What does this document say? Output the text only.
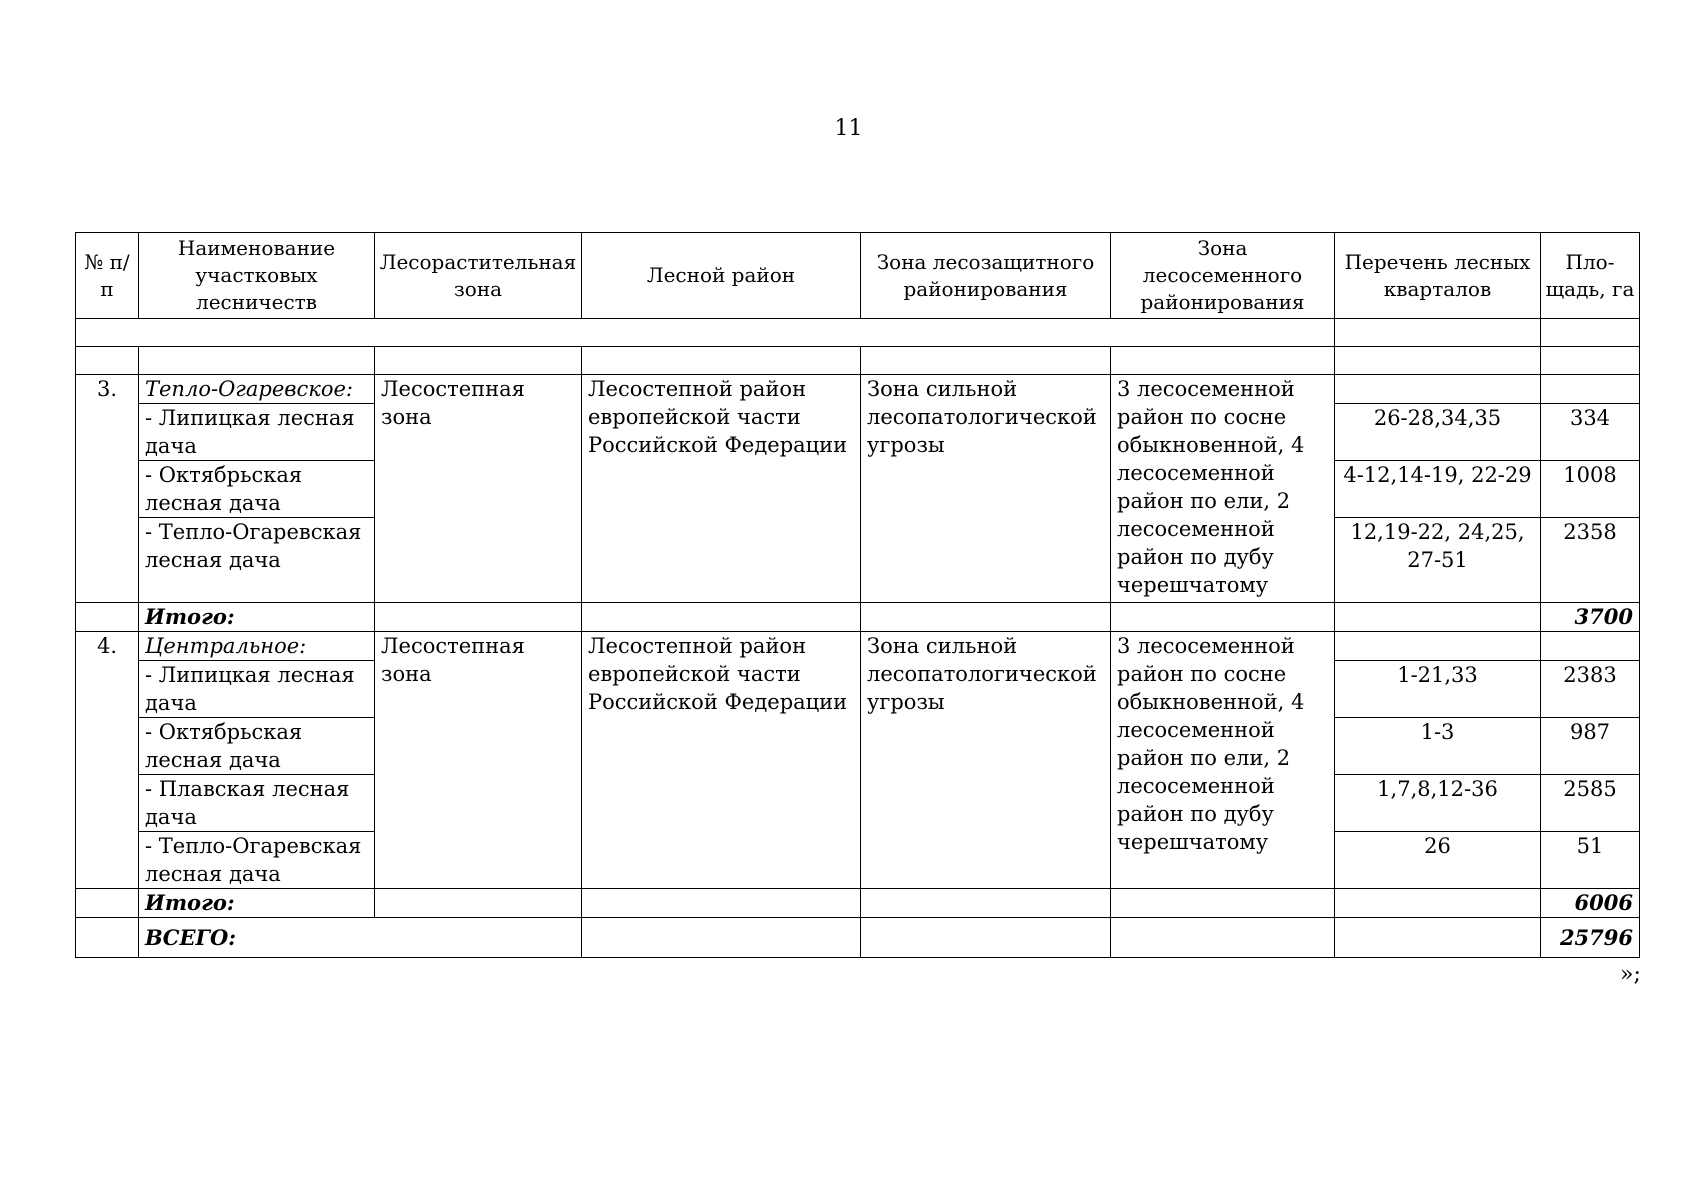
11
№ п/п	Наименование участковых лесничеств	Лесорастительная зона	Лесной район	Зона лесозащитного районирования	Зона лесосеменного районирования	Перечень лесных кварталов	Пло-щадь, га

3.	Тепло-Огаревское:	Лесостепная зона	Лесостепной район европейской части Российской Федерации	Зона сильной лесопатологической угрозы	3 лесосеменной район по сосне обыкновенной, 4 лесосеменной район по ели, 2 лесосеменной район по дубу черешчатому		
	- Липицкая лесная дача					26-28,34,35	334
	- Октябрьская лесная дача					4-12,14-19, 22-29	1008
	- Тепло-Огаревская лесная дача					12,19-22, 24,25, 27-51	2358
	Итого:						3700
4.	Центральное:	Лесостепная зона	Лесостепной район европейской части Российской Федерации	Зона сильной лесопатологической угрозы	3 лесосеменной район по сосне обыкновенной, 4 лесосеменной район по ели, 2 лесосеменной район по дубу черешчатому		
	- Липицкая лесная дача					1-21,33	2383
	- Октябрьская лесная дача					1-3	987
	- Плавская лесная дача					1,7,8,12-36	2585
	- Тепло-Огаревская лесная дача					26	51
	Итого:						6006
	ВСЕГО:						25796
»;
